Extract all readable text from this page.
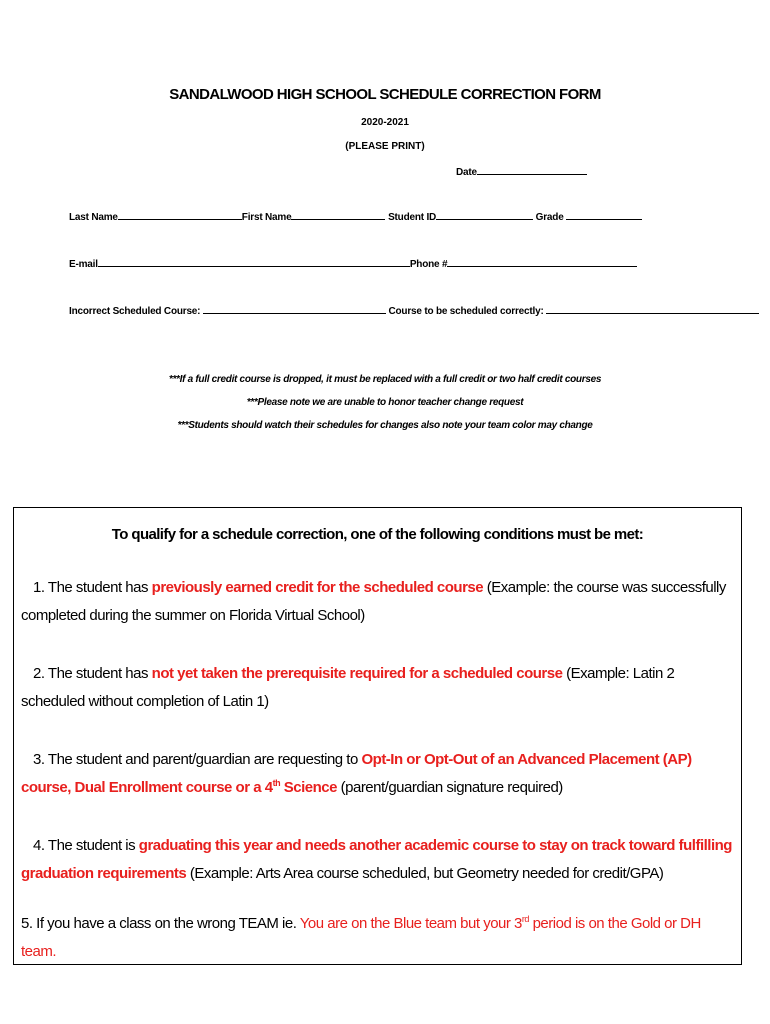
SANDALWOOD HIGH SCHOOL SCHEDULE CORRECTION FORM
2020-2021
(PLEASE PRINT)
Date
Last Name	First Name	Student ID	Grade
E-mail	Phone #
Incorrect Scheduled Course:	Course to be scheduled correctly:
***If a full credit course is dropped, it must be replaced with a full credit or two half credit courses
***Please note we are unable to honor teacher change request
***Students should watch their schedules for changes also note your team color may change
To qualify for a schedule correction, one of the following conditions must be met:
1. The student has previously earned credit for the scheduled course (Example: the course was successfully completed during the summer on Florida Virtual School)
2. The student has not yet taken the prerequisite required for a scheduled course (Example: Latin 2 scheduled without completion of Latin 1)
3. The student and parent/guardian are requesting to Opt-In or Opt-Out of an Advanced Placement (AP) course, Dual Enrollment course or a 4th Science (parent/guardian signature required)
4. The student is graduating this year and needs another academic course to stay on track toward fulfilling graduation requirements (Example: Arts Area course scheduled, but Geometry needed for credit/GPA)
5. If you have a class on the wrong TEAM ie. You are on the Blue team but your 3rd period is on the Gold or DH team.
